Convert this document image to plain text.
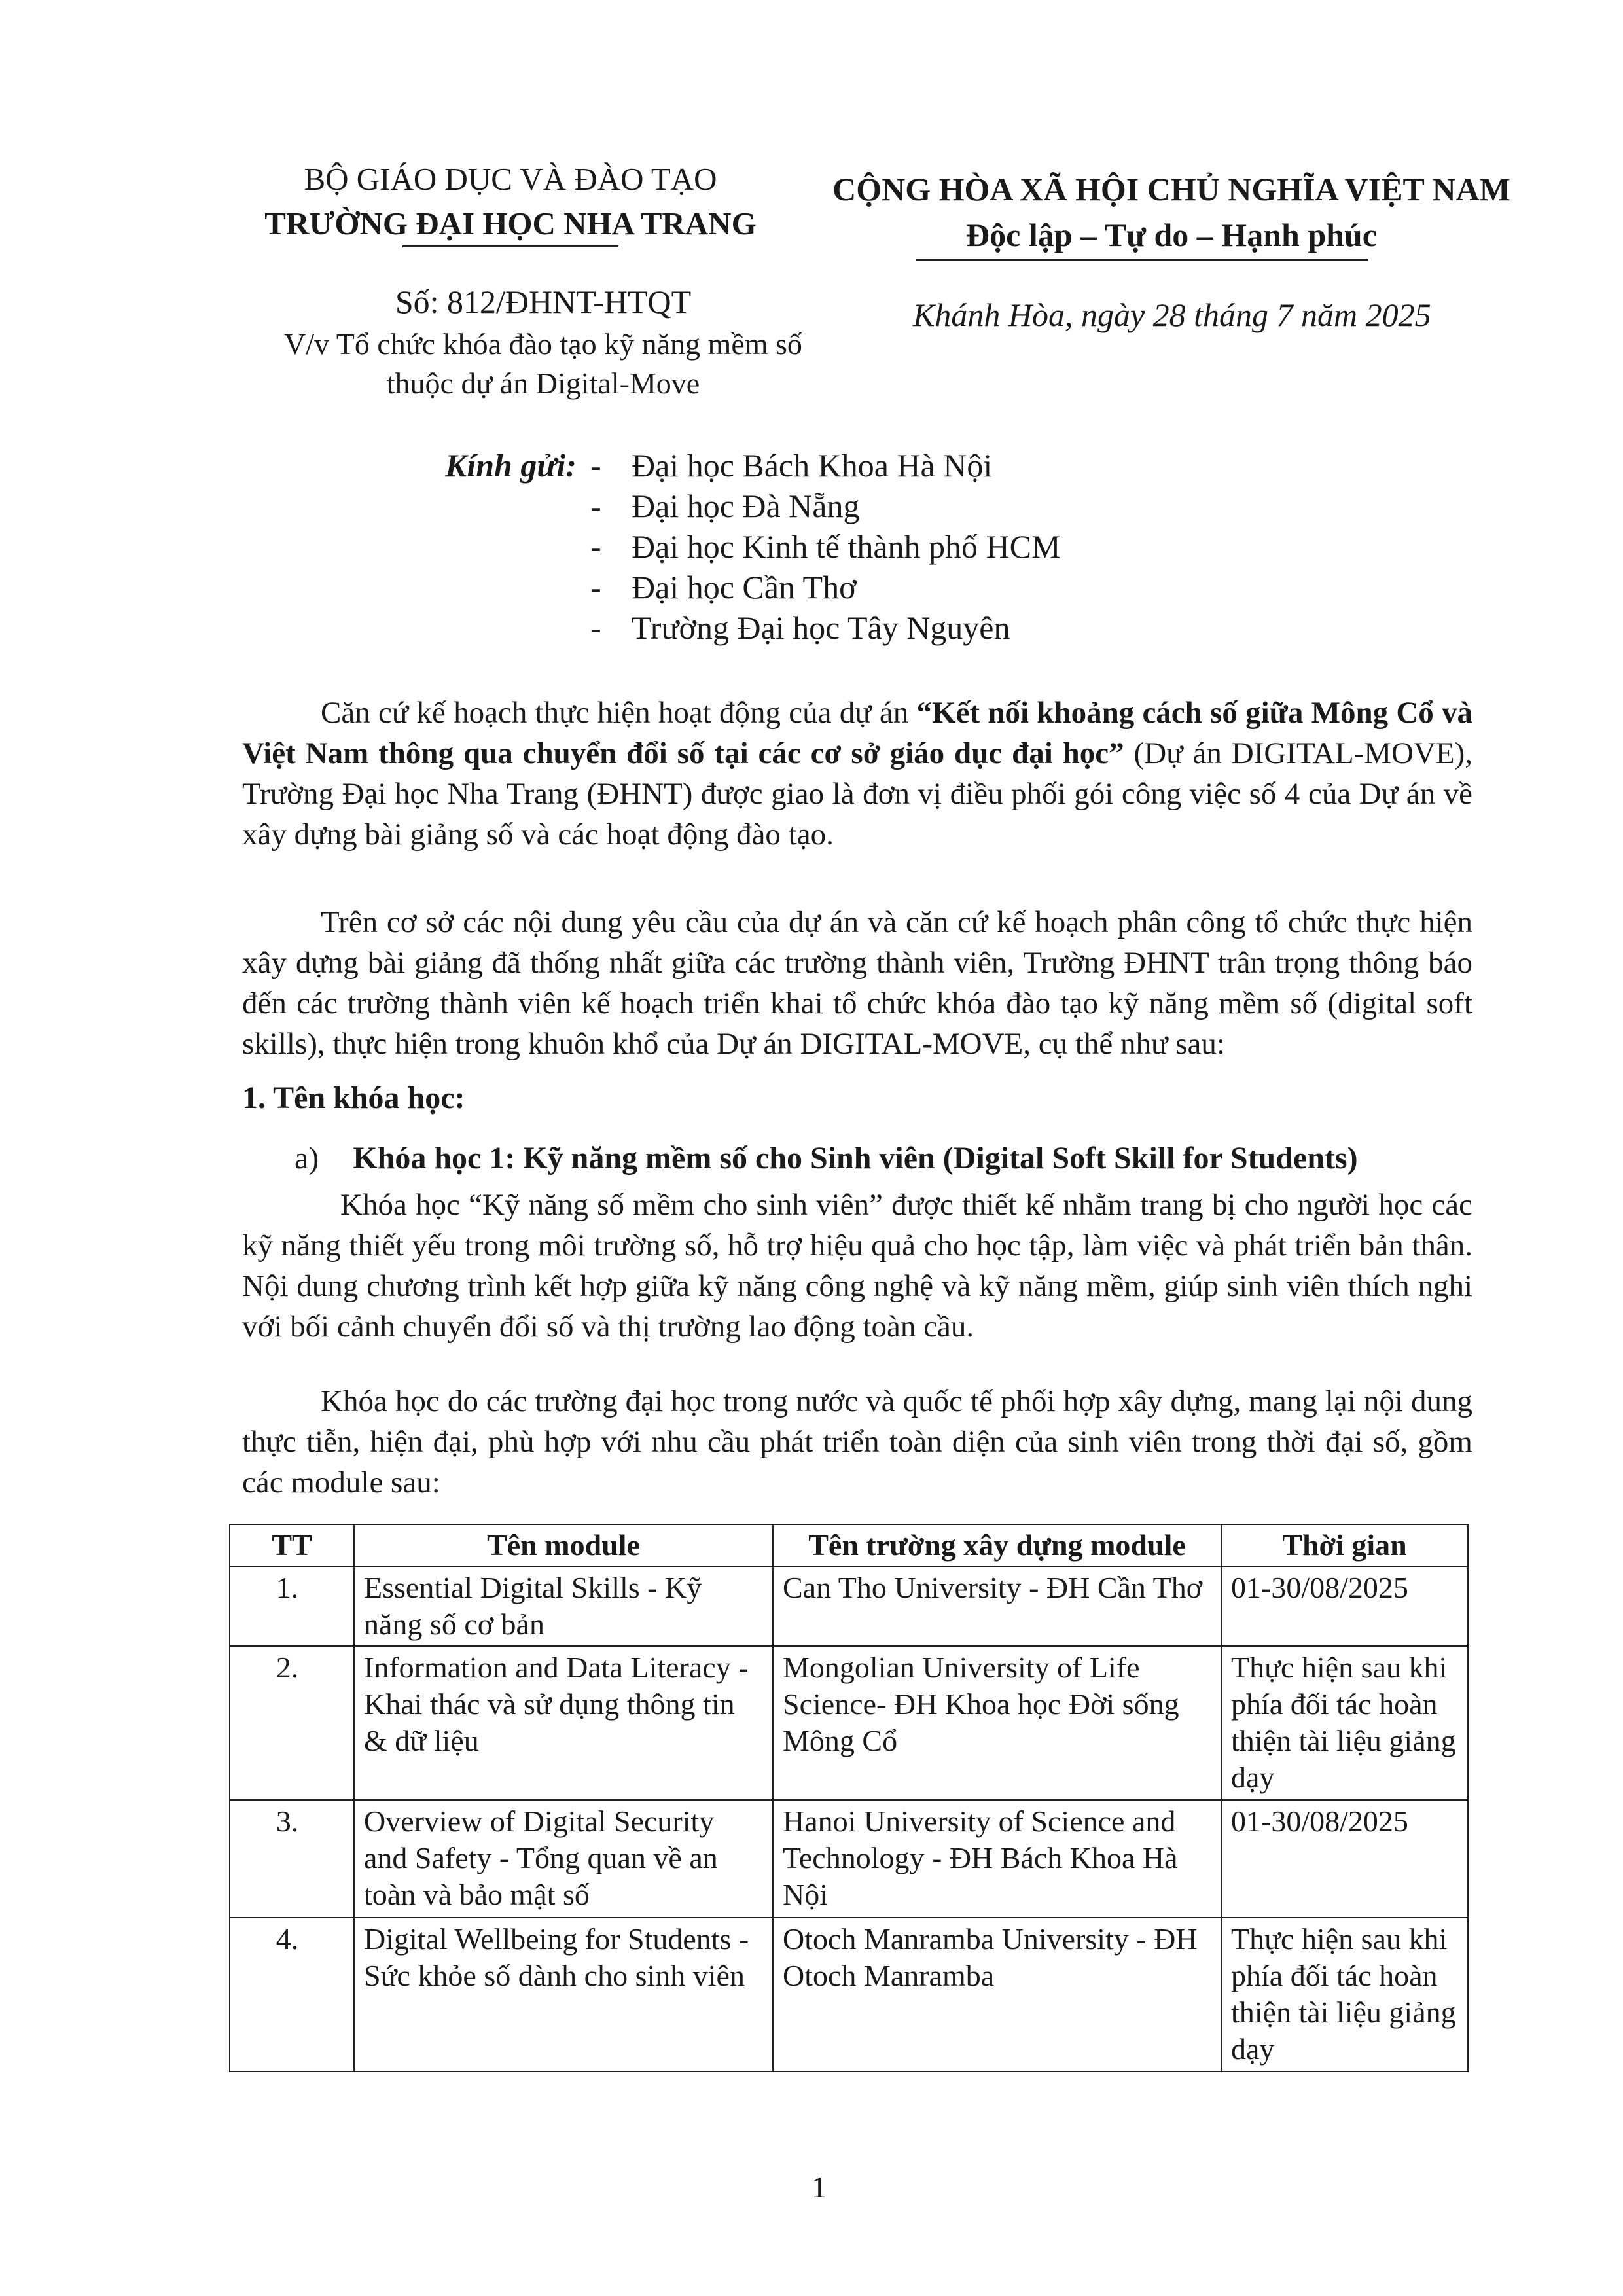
BỘ GIÁO DỤC VÀ ĐÀO TẠO
TRƯỜNG ĐẠI HỌC NHA TRANG
CỘNG HÒA XÃ HỘI CHỦ NGHĨA VIỆT NAM
Độc lập – Tự do – Hạnh phúc
Số: 812/ĐHNT-HTQT
V/v Tổ chức khóa đào tạo kỹ năng mềm số
thuộc dự án Digital-Move
Khánh Hòa, ngày 28 tháng 7 năm 2025
Kính gửi: - Đại học Bách Khoa Hà Nội
- Đại học Đà Nẵng
- Đại học Kinh tế thành phố HCM
- Đại học Cần Thơ
- Trường Đại học Tây Nguyên
Căn cứ kế hoạch thực hiện hoạt động của dự án “Kết nối khoảng cách số giữa Mông Cổ và Việt Nam thông qua chuyển đổi số tại các cơ sở giáo dục đại học” (Dự án DIGITAL-MOVE), Trường Đại học Nha Trang (ĐHNT) được giao là đơn vị điều phối gói công việc số 4 của Dự án về xây dựng bài giảng số và các hoạt động đào tạo.
Trên cơ sở các nội dung yêu cầu của dự án và căn cứ kế hoạch phân công tổ chức thực hiện xây dựng bài giảng đã thống nhất giữa các trường thành viên, Trường ĐHNT trân trọng thông báo đến các trường thành viên kế hoạch triển khai tổ chức khóa đào tạo kỹ năng mềm số (digital soft skills), thực hiện trong khuôn khổ của Dự án DIGITAL-MOVE, cụ thể như sau:
1. Tên khóa học:
a) Khóa học 1: Kỹ năng mềm số cho Sinh viên (Digital Soft Skill for Students)
Khóa học “Kỹ năng số mềm cho sinh viên” được thiết kế nhằm trang bị cho người học các kỹ năng thiết yếu trong môi trường số, hỗ trợ hiệu quả cho học tập, làm việc và phát triển bản thân. Nội dung chương trình kết hợp giữa kỹ năng công nghệ và kỹ năng mềm, giúp sinh viên thích nghi với bối cảnh chuyển đổi số và thị trường lao động toàn cầu.
Khóa học do các trường đại học trong nước và quốc tế phối hợp xây dựng, mang lại nội dung thực tiễn, hiện đại, phù hợp với nhu cầu phát triển toàn diện của sinh viên trong thời đại số, gồm các module sau:
TT	Tên module	Tên trường xây dựng module	Thời gian
1.	Essential Digital Skills - Kỹ năng số cơ bản	Can Tho University - ĐH Cần Thơ	01-30/08/2025
2.	Information and Data Literacy -Khai thác và sử dụng thông tin & dữ liệu	Mongolian University of Life Science- ĐH Khoa học Đời sống Mông Cổ	Thực hiện sau khi phía đối tác hoàn thiện tài liệu giảng dạy
3.	Overview of Digital Security and Safety - Tổng quan về an toàn và bảo mật số	Hanoi University of Science and Technology - ĐH Bách Khoa Hà Nội	01-30/08/2025
4.	Digital Wellbeing for Students -Sức khỏe số dành cho sinh viên	Otoch Manramba University - ĐH Otoch Manramba	Thực hiện sau khi phía đối tác hoàn thiện tài liệu giảng dạy
1
